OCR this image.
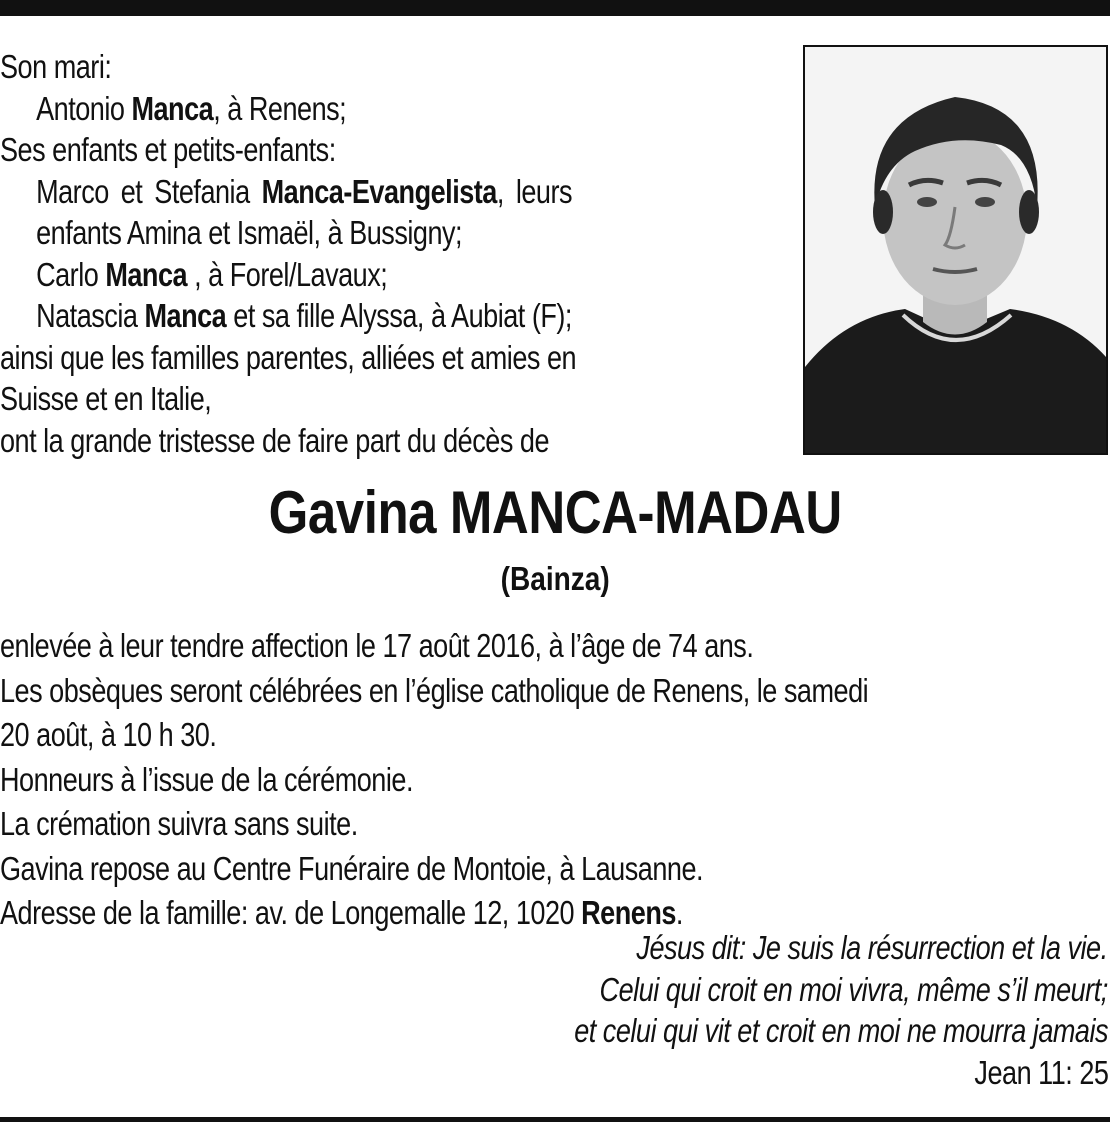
Son mari:
Antonio Manca, à Renens;
Ses enfants et petits-enfants:
Marco et Stefania Manca-Evangelista, leurs
enfants Amina et Ismaël, à Bussigny;
Carlo Manca , à Forel/Lavaux;
Natascia Manca et sa fille Alyssa, à Aubiat (F);
ainsi que les familles parentes, alliées et amies en
Suisse et en Italie,
ont la grande tristesse de faire part du décès de
Gavina MANCA-MADAU
(Bainza)
enlevée à leur tendre affection le 17 août 2016, à l’âge de 74 ans.
Les obsèques seront célébrées en l’église catholique de Renens, le samedi
20 août, à 10 h 30.
Honneurs à l’issue de la cérémonie.
La crémation suivra sans suite.
Gavina repose au Centre Funéraire de Montoie, à Lausanne.
Adresse de la famille: av. de Longemalle 12, 1020 Renens.
Jésus dit: Je suis la résurrection et la vie.
Celui qui croit en moi vivra, même s’il meurt;
et celui qui vit et croit en moi ne mourra jamais
Jean 11: 25
